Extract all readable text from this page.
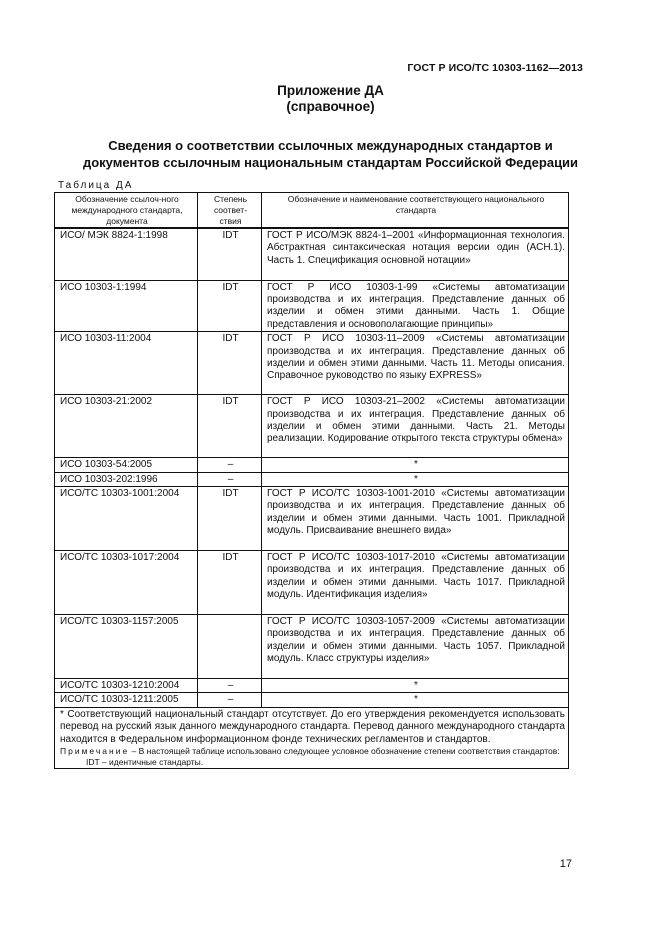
ГОСТ Р ИСО/ТС 10303-1162—2013
Приложение ДА
(справочное)
Сведения о соответствии ссылочных международных стандартов и
документов ссылочным национальным стандартам Российской Федерации
Таблица ДА
Обозначение ссылоч-ного международного стандарта, документа	Степень соответ-ствия	Обозначение и наименование соответствующего национального стандарта
ИСО/ МЭК 8824-1:1998	IDT	ГОСТ Р ИСО/МЭК 8824-1–2001 «Информационная технология. Абстрактная синтаксическая нотация версии один (АСН.1). Часть 1. Спецификация основной нотации»
ИСО 10303-1:1994	IDT	ГОСТ Р ИСО 10303-1-99 «Системы автоматизации производства и их интеграция. Представление данных об изделии и обмен этими данными. Часть 1. Общие представления и основополагающие принципы»
ИСО 10303-11:2004	IDT	ГОСТ Р ИСО 10303-11–2009 «Системы автоматизации производства и их интеграция. Представление данных об изделии и обмен этими данными. Часть 11. Методы описания. Справочное руководство по языку EXPRESS»
ИСО 10303-21:2002	IDT	ГОСТ Р ИСО 10303-21–2002 «Системы автоматизации производства и их интеграция. Представление данных об изделии и обмен этими данными. Часть 21. Методы реализации. Кодирование открытого текста структуры обмена»
ИСО 10303-54:2005	–	*
ИСО 10303-202:1996	–	*
ИСО/ТС 10303-1001:2004	IDT	ГОСТ Р ИСО/ТС 10303-1001-2010 «Системы автоматизации производства и их интеграция. Представление данных об изделии и обмен этими данными. Часть 1001. Прикладной модуль. Присваивание внешнего вида»
ИСО/ТС 10303-1017:2004	IDT	ГОСТ Р ИСО/ТС 10303-1017-2010 «Системы автоматизации производства и их интеграция. Представление данных об изделии и обмен этими данными. Часть 1017. Прикладной модуль. Идентификация изделия»
ИСО/ТС 10303-1157:2005		ГОСТ Р ИСО/ТС 10303-1057-2009 «Системы автоматизации производства и их интеграция. Представление данных об изделии и обмен этими данными. Часть 1057. Прикладной модуль. Класс структуры изделия»
ИСО/ТС 10303-1210:2004	–	*
ИСО/ТС 10303-1211:2005	–	*
* Соответствующий национальный стандарт отсутствует. До его утверждения рекомендуется использовать перевод на русский язык данного международного стандарта. Перевод данного международного стандарта находится в Федеральном информационном фонде технических регламентов и стандартов.
Примечание – В настоящей таблице использовано следующее условное обозначение степени соответствия стандартов:
IDT – идентичные стандарты.		
17
